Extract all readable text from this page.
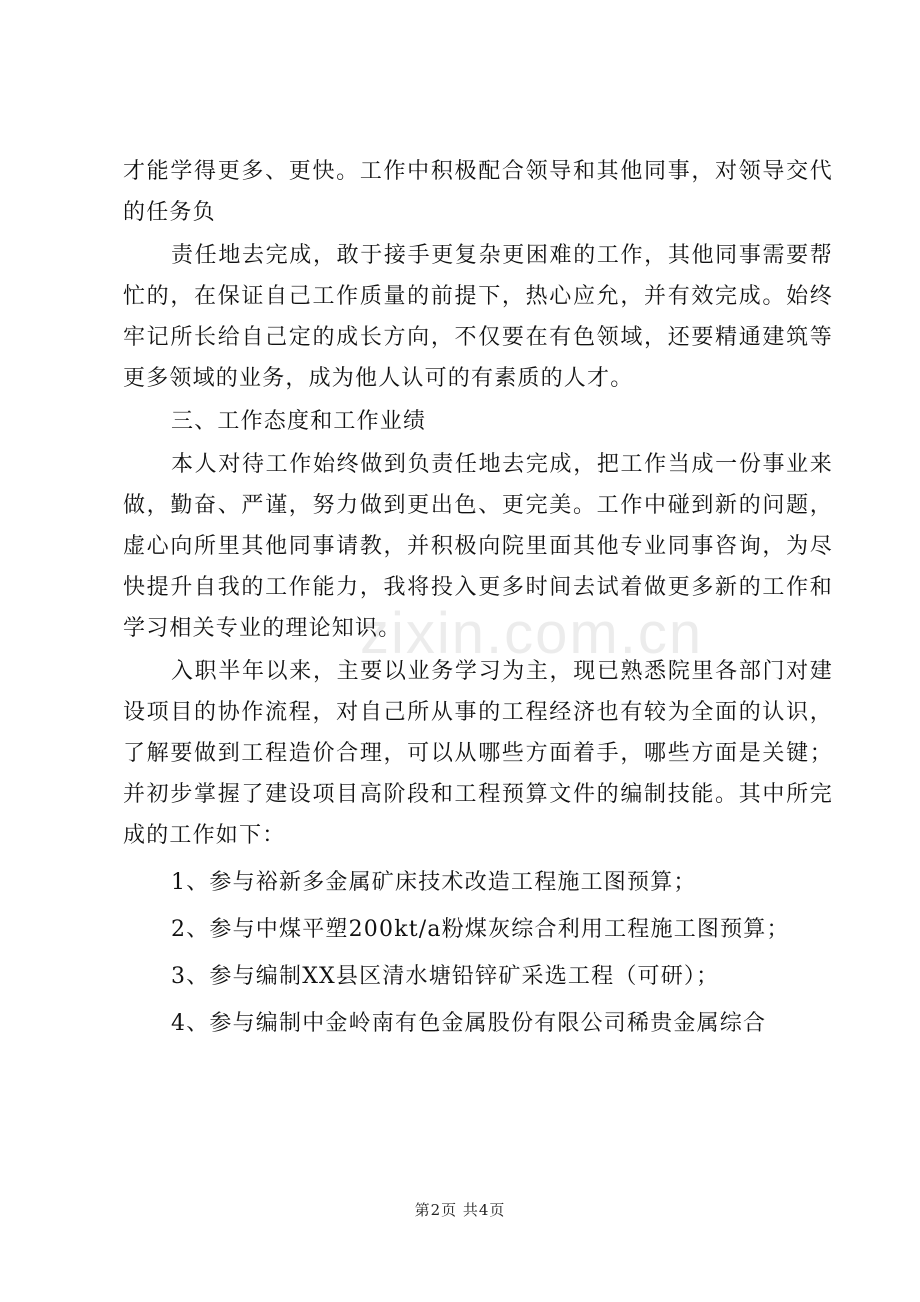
zixin.com.cn

才能学得更多、更快。工作中积极配合领导和其他同事，对领导交代的任务负

责任地去完成，敢于接手更复杂更困难的工作，其他同事需要帮忙的，在保证自己工作质量的前提下，热心应允，并有效完成。始终牢记所长给自己定的成长方向，不仅要在有色领域，还要精通建筑等更多领域的业务，成为他人认可的有素质的人才。

三、工作态度和工作业绩

本人对待工作始终做到负责任地去完成，把工作当成一份事业来做，勤奋、严谨，努力做到更出色、更完美。工作中碰到新的问题，虚心向所里其他同事请教，并积极向院里面其他专业同事咨询，为尽快提升自我的工作能力，我将投入更多时间去试着做更多新的工作和学习相关专业的理论知识。

入职半年以来，主要以业务学习为主，现已熟悉院里各部门对建设项目的协作流程，对自己所从事的工程经济也有较为全面的认识，了解要做到工程造价合理，可以从哪些方面着手，哪些方面是关键；并初步掌握了建设项目高阶段和工程预算文件的编制技能。其中所完成的工作如下：

1、参与裕新多金属矿床技术改造工程施工图预算；

2、参与中煤平塑200kt/a粉煤灰综合利用工程施工图预算；

3、参与编制XX县区清水塘铅锌矿采选工程（可研）；

4、参与编制中金岭南有色金属股份有限公司稀贵金属综合

第2页 共4页
